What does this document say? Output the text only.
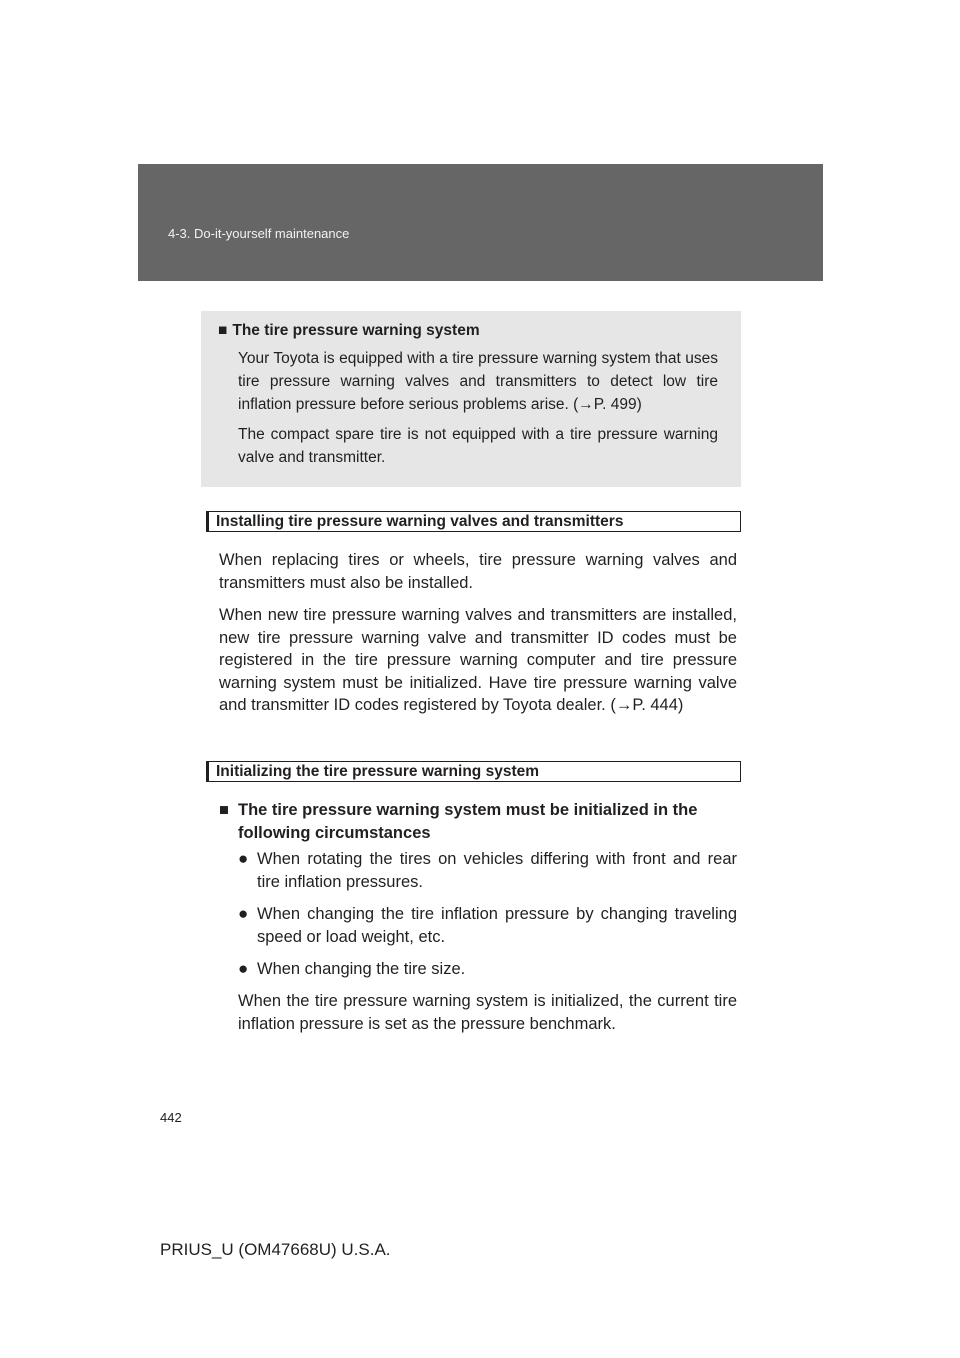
4-3. Do-it-yourself maintenance
■ The tire pressure warning system

Your Toyota is equipped with a tire pressure warning system that uses tire pressure warning valves and transmitters to detect low tire inflation pressure before serious problems arise. (→P. 499)

The compact spare tire is not equipped with a tire pressure warning valve and transmitter.

Installing tire pressure warning valves and transmitters

When replacing tires or wheels, tire pressure warning valves and transmitters must also be installed.

When new tire pressure warning valves and transmitters are installed, new tire pressure warning valve and transmitter ID codes must be registered in the tire pressure warning computer and tire pressure warning system must be initialized. Have tire pressure warning valve and transmitter ID codes registered by Toyota dealer. (→P. 444)

Initializing the tire pressure warning system
■ The tire pressure warning system must be initialized in the following circumstances
● When rotating the tires on vehicles differing with front and rear tire inflation pressures.
● When changing the tire inflation pressure by changing traveling speed or load weight, etc.
● When changing the tire size.

When the tire pressure warning system is initialized, the current tire inflation pressure is set as the pressure benchmark.

442
PRIUS_U (OM47668U) U.S.A.
